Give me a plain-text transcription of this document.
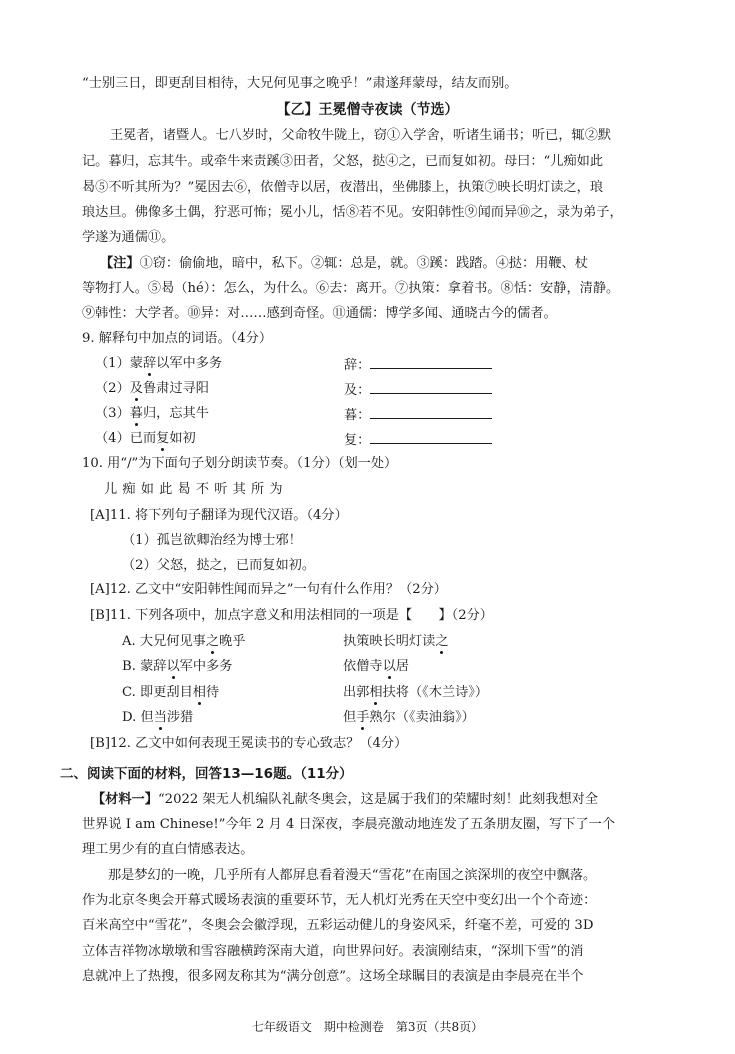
“士别三日，即更刮目相待，大兄何见事之晚乎！”肃遂拜蒙母，结友而别。
【乙】王冕僧寺夜读（节选）
王冕者，诸暨人。七八岁时，父命牧牛陇上，窃①入学舍，听诸生诵书；听已，辄②默
记。暮归，忘其牛。或牵牛来责蹊③田者，父怒，挞④之，已而复如初。母曰：“儿痴如此
曷⑤不听其所为？”冕因去⑥，依僧寺以居，夜潜出，坐佛膝上，执策⑦映长明灯读之，琅
琅达旦。佛像多土偶，狞恶可怖；冕小儿，恬⑧若不见。安阳韩性⑨闻而异⑩之，录为弟子，
学遂为通儒⑪。
【注】①窃：偷偷地，暗中，私下。②辄：总是，就。③蹊：践踏。④挞：用鞭、杖
等物打人。⑤曷（hé）：怎么，为什么。⑥去：离开。⑦执策：拿着书。⑧恬：安静，清静。
⑨韩性：大学者。⑩异：对……感到奇怪。⑪通儒：博学多闻、通晓古今的儒者。
9. 解释句中加点的词语。（4分）
（1）蒙辞以军中多务	辞：
（2）及鲁肃过寻阳	及：
（3）暮归，忘其牛	暮：
（4）已而复如初	复：
10. 用“/”为下面句子划分朗读节奏。（1分）（划一处）
儿 痴 如 此 曷 不 听 其 所 为
[A]11. 将下列句子翻译为现代汉语。（4分）
（1）孤岂欲卿治经为博士邪！
（2）父怒，挞之，已而复如初。
[A]12. 乙文中“安阳韩性闻而异之”一句有什么作用？（2分）
[B]11. 下列各项中，加点字意义和用法相同的一项是【　　】（2分）
A. 大兄何见事之晚乎	执策映长明灯读之
B. 蒙辞以军中多务	依僧寺以居
C. 即更刮目相待	出郭相扶将（《木兰诗》）
D. 但当涉猎	但手熟尔（《卖油翁》）
[B]12. 乙文中如何表现王冕读书的专心致志？（4分）
二、阅读下面的材料，回答13—16题。（11分）
【材料一】“2022 架无人机编队礼献冬奥会，这是属于我们的荣耀时刻！此刻我想对全
世界说 I am Chinese!”今年 2 月 4 日深夜，李晨亮激动地连发了五条朋友圈，写下了一个
理工男少有的直白情感表达。
那是梦幻的一晚，几乎所有人都屏息看着漫天“雪花”在南国之滨深圳的夜空中飘落。
作为北京冬奥会开幕式暖场表演的重要环节，无人机灯光秀在天空中变幻出一个个奇迹：
百米高空中“雪花”，冬奥会会徽浮现，五彩运动健儿的身姿风采，纤毫不差，可爱的 3D
立体吉祥物冰墩墩和雪容融横跨深南大道，向世界问好。表演刚结束，“深圳下雪”的消
息就冲上了热搜，很多网友称其为“满分创意”。这场全球瞩目的表演是由李晨亮在半个
七年级语文　期中检测卷　第3页（共8页）
